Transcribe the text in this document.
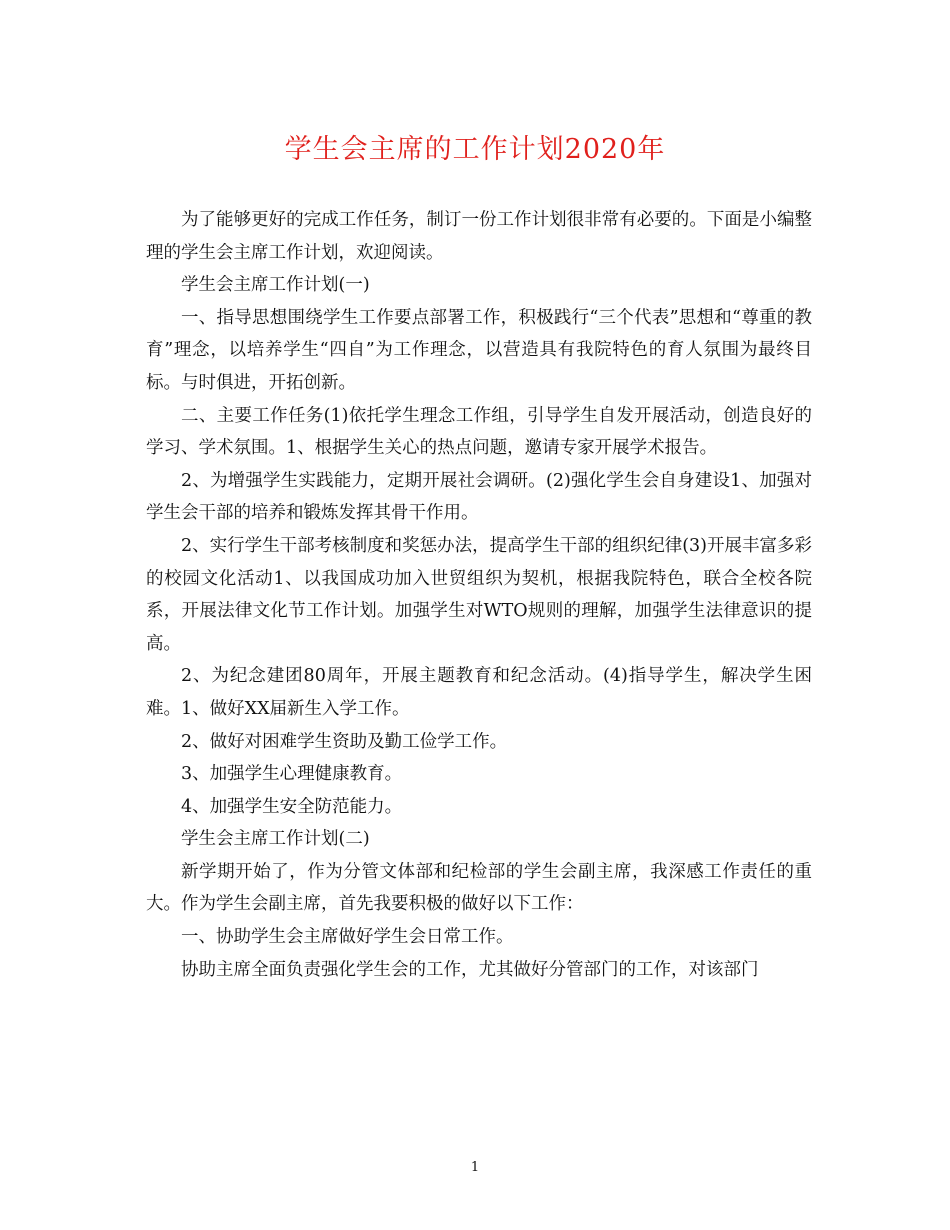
学生会主席的工作计划2020年

为了能够更好的完成工作任务，制订一份工作计划很非常有必要的。下面是小编整理的学生会主席工作计划，欢迎阅读。

学生会主席工作计划(一)

一、指导思想围绕学生工作要点部署工作，积极践行“三个代表”思想和“尊重的教育”理念，以培养学生“四自”为工作理念，以营造具有我院特色的育人氛围为最终目标。与时俱进，开拓创新。

二、主要工作任务(1)依托学生理念工作组，引导学生自发开展活动，创造良好的学习、学术氛围。1、根据学生关心的热点问题，邀请专家开展学术报告。

2、为增强学生实践能力，定期开展社会调研。(2)强化学生会自身建设1、加强对学生会干部的培养和锻炼发挥其骨干作用。

2、实行学生干部考核制度和奖惩办法，提高学生干部的组织纪律(3)开展丰富多彩的校园文化活动1、以我国成功加入世贸组织为契机，根据我院特色，联合全校各院系，开展法律文化节工作计划。加强学生对WTO规则的理解，加强学生法律意识的提高。

2、为纪念建团80周年，开展主题教育和纪念活动。(4)指导学生，解决学生困难。1、做好XX届新生入学工作。

2、做好对困难学生资助及勤工俭学工作。

3、加强学生心理健康教育。

4、加强学生安全防范能力。

学生会主席工作计划(二)

新学期开始了，作为分管文体部和纪检部的学生会副主席，我深感工作责任的重大。作为学生会副主席，首先我要积极的做好以下工作：

一、协助学生会主席做好学生会日常工作。

协助主席全面负责强化学生会的工作，尤其做好分管部门的工作，对该部门

1
